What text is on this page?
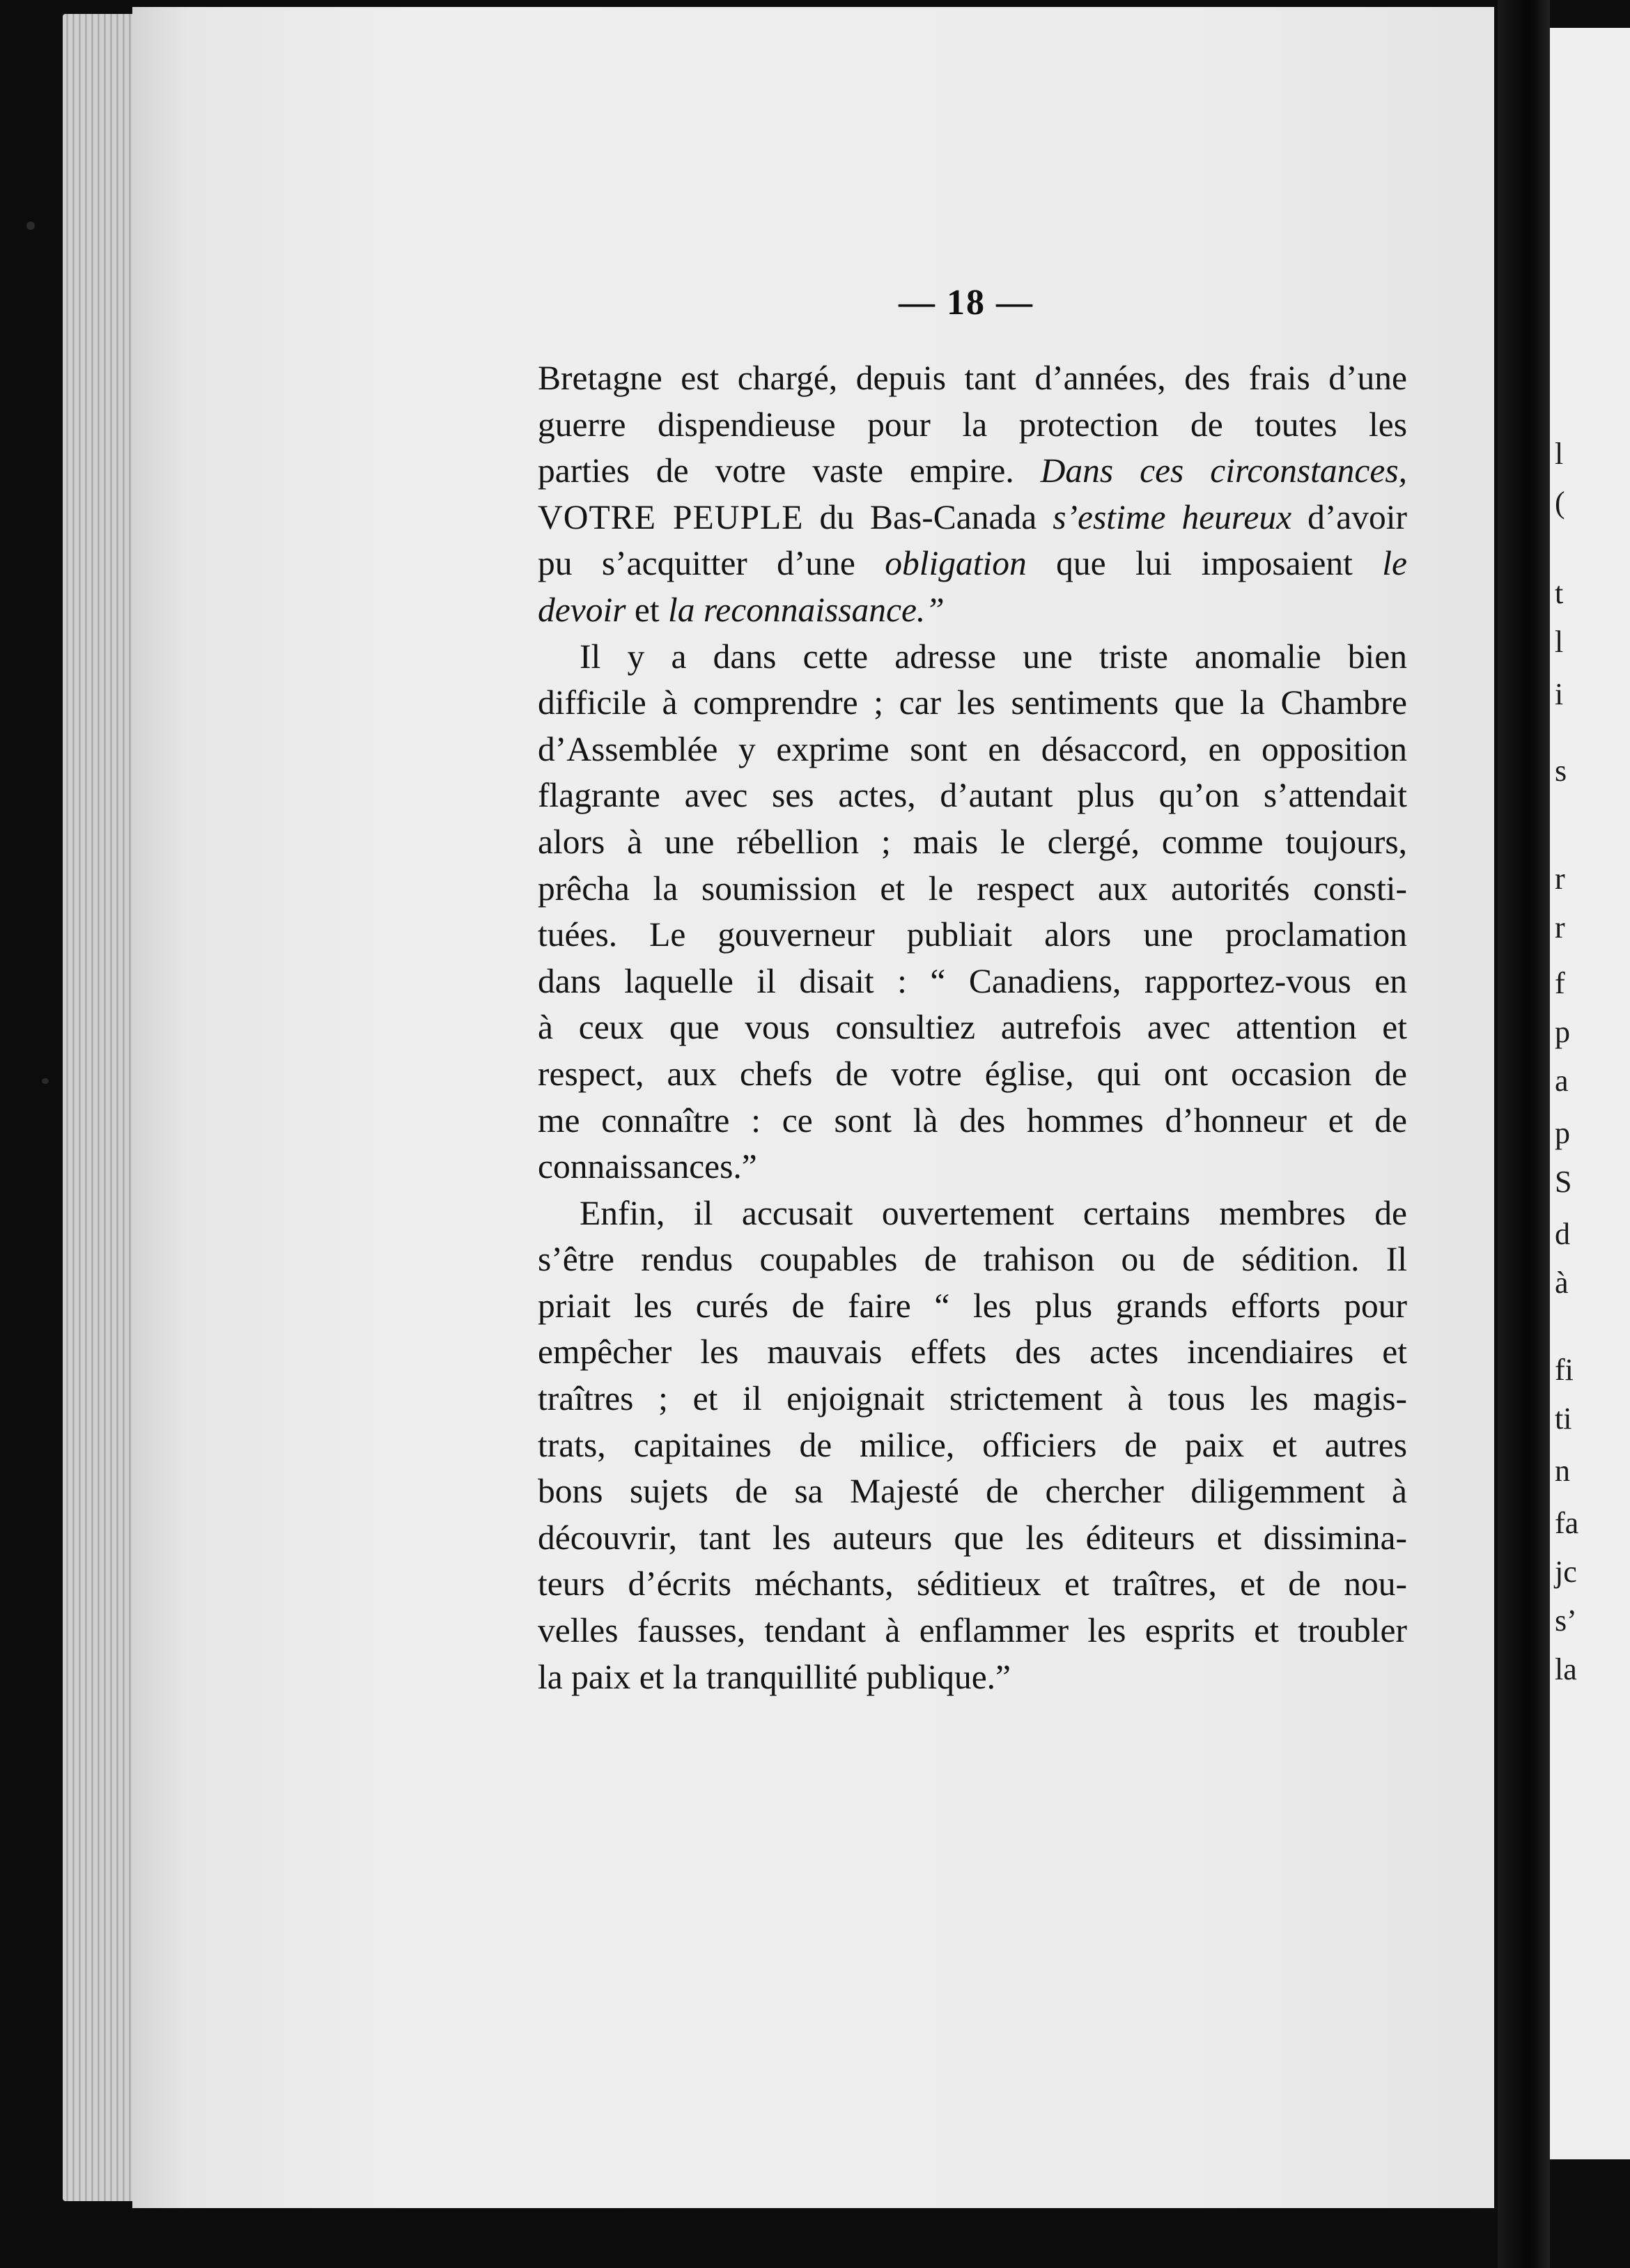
l
(
t
l
i
s
r
r
f
p
a
p
S
d
à
fi
ti
n
fa
jc
s’
la
— 18 —
Bretagne est chargé, depuis tant d’années, des frais d’une
guerre dispendieuse pour la protection de toutes les
parties de votre vaste empire. Dans ces circonstances,
VOTRE PEUPLE du Bas-Canada s’estime heureux d’avoir
pu s’acquitter d’une obligation que lui imposaient le
devoir et la reconnaissance.”
Il y a dans cette adresse une triste anomalie bien
difficile à comprendre ; car les sentiments que la Chambre
d’Assemblée y exprime sont en désaccord, en opposition
flagrante avec ses actes, d’autant plus qu’on s’attendait
alors à une rébellion ; mais le clergé, comme toujours,
prêcha la soumission et le respect aux autorités consti-
tuées. Le gouverneur publiait alors une proclamation
dans laquelle il disait : “ Canadiens, rapportez-vous en
à ceux que vous consultiez autrefois avec attention et
respect, aux chefs de votre église, qui ont occasion de
me connaître : ce sont là des hommes d’honneur et de
connaissances.”
Enfin, il accusait ouvertement certains membres de
s’être rendus coupables de trahison ou de sédition. Il
priait les curés de faire “ les plus grands efforts pour
empêcher les mauvais effets des actes incendiaires et
traîtres ; et il enjoignait strictement à tous les magis-
trats, capitaines de milice, officiers de paix et autres
bons sujets de sa Majesté de chercher diligemment à
découvrir, tant les auteurs que les éditeurs et dissimina-
teurs d’écrits méchants, séditieux et traîtres, et de nou-
velles fausses, tendant à enflammer les esprits et troubler
la paix et la tranquillité publique.”
